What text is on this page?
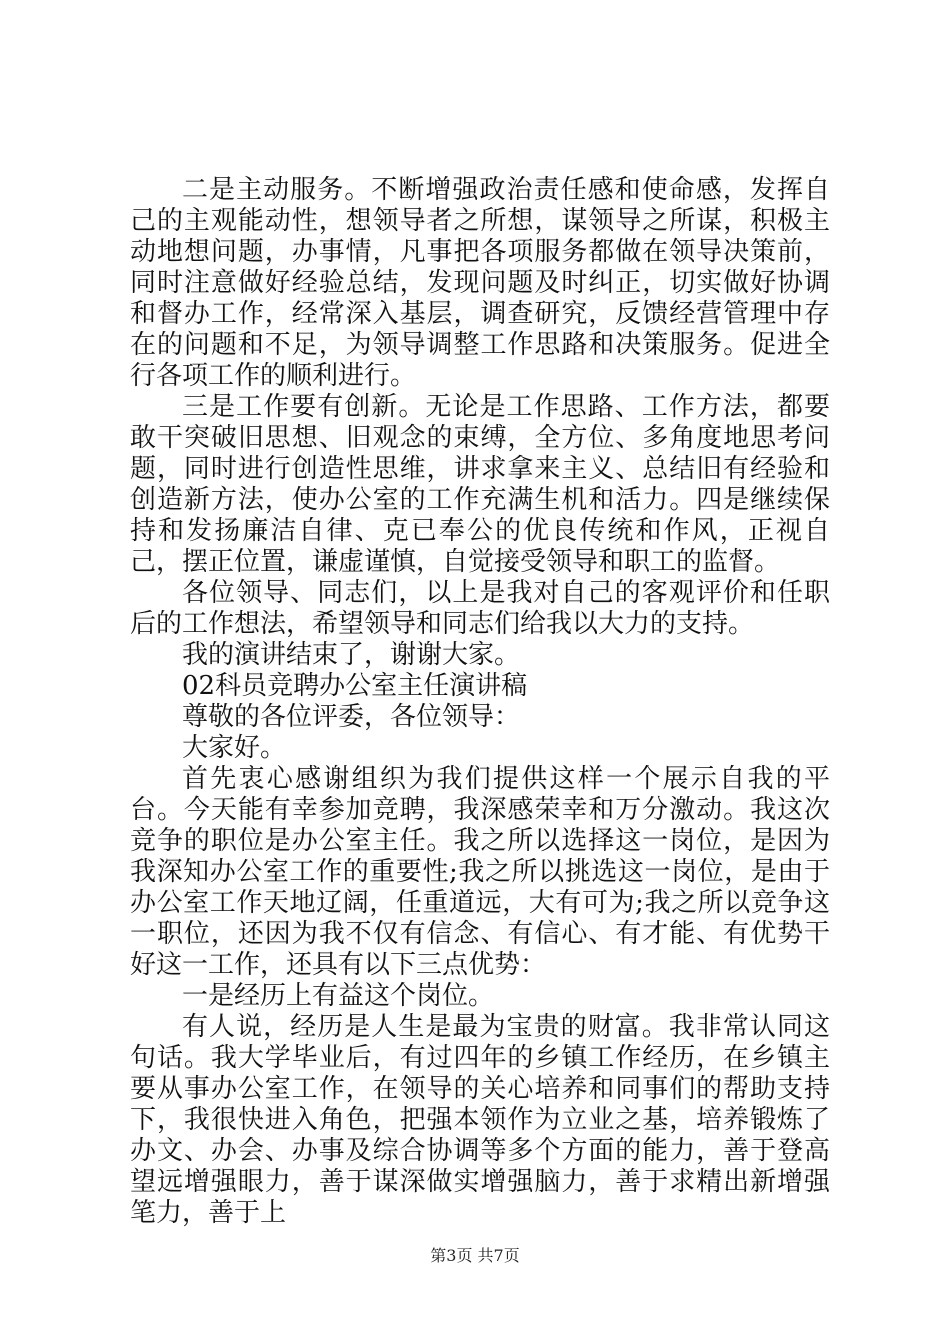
二是主动服务。不断增强政治责任感和使命感，发挥自己的主观能动性，想领导者之所想，谋领导之所谋，积极主动地想问题，办事情，凡事把各项服务都做在领导决策前，同时注意做好经验总结，发现问题及时纠正，切实做好协调和督办工作，经常深入基层，调查研究，反馈经营管理中存在的问题和不足，为领导调整工作思路和决策服务。促进全行各项工作的顺利进行。

三是工作要有创新。无论是工作思路、工作方法，都要敢干突破旧思想、旧观念的束缚，全方位、多角度地思考问题，同时进行创造性思维，讲求拿来主义、总结旧有经验和创造新方法，使办公室的工作充满生机和活力。四是继续保持和发扬廉洁自律、克已奉公的优良传统和作风，正视自己，摆正位置，谦虚谨慎，自觉接受领导和职工的监督。

各位领导、同志们，以上是我对自己的客观评价和任职后的工作想法，希望领导和同志们给我以大力的支持。

我的演讲结束了，谢谢大家。

02科员竞聘办公室主任演讲稿

尊敬的各位评委，各位领导：

大家好。

首先衷心感谢组织为我们提供这样一个展示自我的平台。今天能有幸参加竞聘，我深感荣幸和万分激动。我这次竞争的职位是办公室主任。我之所以选择这一岗位，是因为我深知办公室工作的重要性;我之所以挑选这一岗位，是由于办公室工作天地辽阔，任重道远，大有可为;我之所以竞争这一职位，还因为我不仅有信念、有信心、有才能、有优势干好这一工作，还具有以下三点优势：

一是经历上有益这个岗位。

有人说，经历是人生是最为宝贵的财富。我非常认同这句话。我大学毕业后，有过四年的乡镇工作经历，在乡镇主要从事办公室工作，在领导的关心培养和同事们的帮助支持下，我很快进入角色，把强本领作为立业之基，培养锻炼了办文、办会、办事及综合协调等多个方面的能力，善于登高望远增强眼力，善于谋深做实增强脑力，善于求精出新增强笔力，善于上

第3页 共7页
